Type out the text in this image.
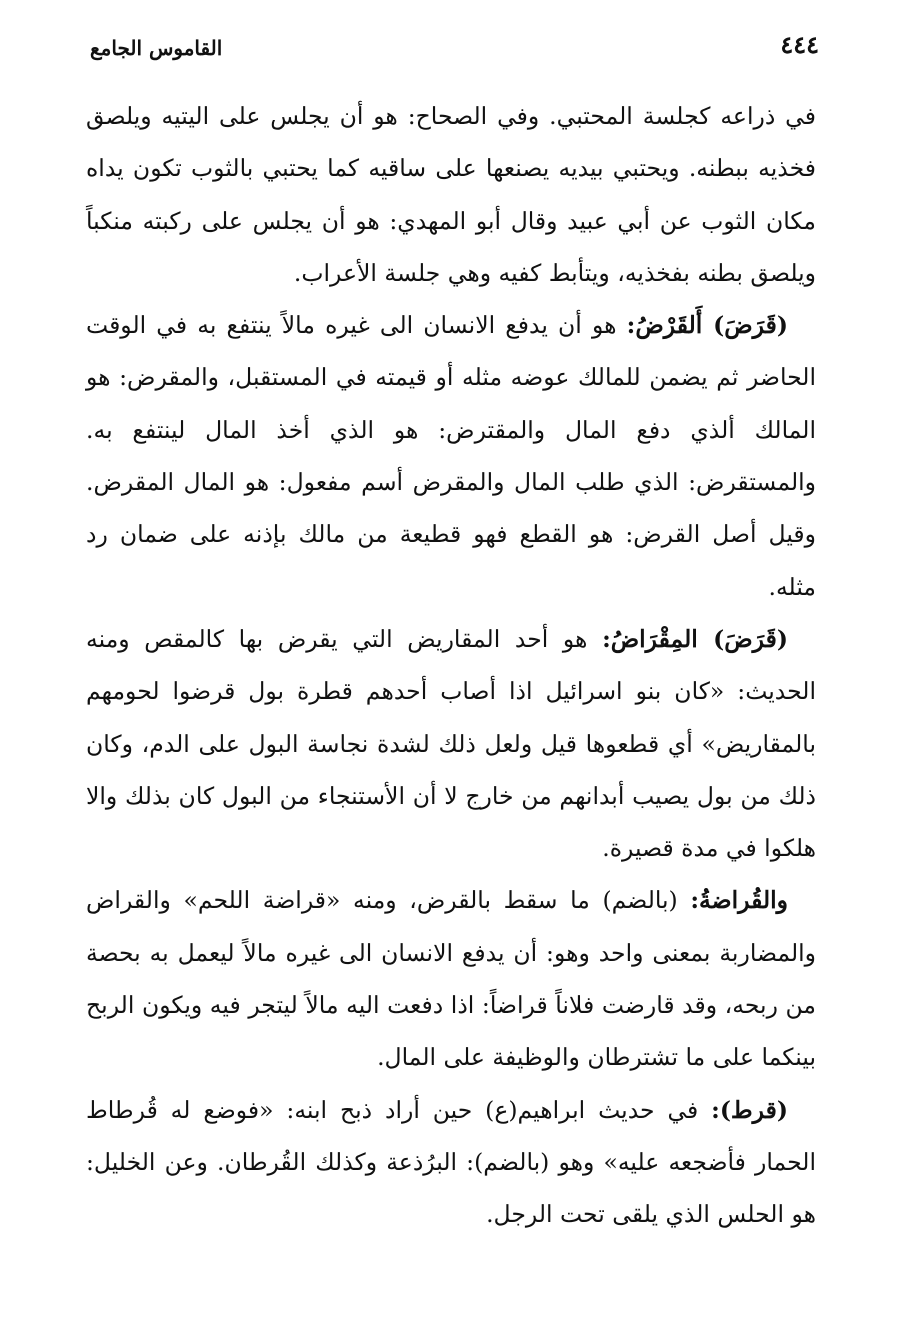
٤٤٤
القاموس الجامع

في ذراعه كجلسة المحتبي. وفي الصحاح: هو أن يجلس على اليتيه ويلصق فخذيه ببطنه. ويحتبي بيديه يصنعها على ساقيه كما يحتبي بالثوب تكون يداه مكان الثوب عن أبي عبيد وقال أبو المهدي: هو أن يجلس على ركبته منكباً ويلصق بطنه بفخذيه، ويتأبط كفيه وهي جلسة الأعراب.

(قَرَضَ) أَلقَرْضُ: هو أن يدفع الانسان الى غيره مالاً ينتفع به في الوقت الحاضر ثم يضمن للمالك عوضه مثله أو قيمته في المستقبل، والمقرض: هو المالك ألذي دفع المال والمقترض: هو الذي أخذ المال لينتفع به. والمستقرض: الذي طلب المال والمقرض أسم مفعول: هو المال المقرض. وقيل أصل القرض: هو القطع فهو قطيعة من مالك بإذنه على ضمان رد مثله.

(قَرَضَ) المِقْرَاضُ: هو أحد المقاريض التي يقرض بها كالمقص ومنه الحديث: «كان بنو اسرائيل اذا أصاب أحدهم قطرة بول قرضوا لحومهم بالمقاريض» أي قطعوها قيل ولعل ذلك لشدة نجاسة البول على الدم، وكان ذلك من بول يصيب أبدانهم من خارج لا أن الأستنجاء من البول كان بذلك والا هلكوا في مدة قصيرة.

والقُراضةُ: (بالضم) ما سقط بالقرض، ومنه «قراضة اللحم» والقراض والمضاربة بمعنى واحد وهو: أن يدفع الانسان الى غيره مالاً ليعمل به بحصة من ربحه، وقد قارضت فلاناً قراضاً: اذا دفعت اليه مالاً ليتجر فيه ويكون الربح بينكما على ما تشترطان والوظيفة على المال.

(قرط): في حديث ابراهيم(ع) حين أراد ذبح ابنه: «فوضع له قُرطاط الحمار فأضجعه عليه» وهو (بالضم): البرُذعة وكذلك القُرطان. وعن الخليل: هو الحلس الذي يلقى تحت الرجل.
